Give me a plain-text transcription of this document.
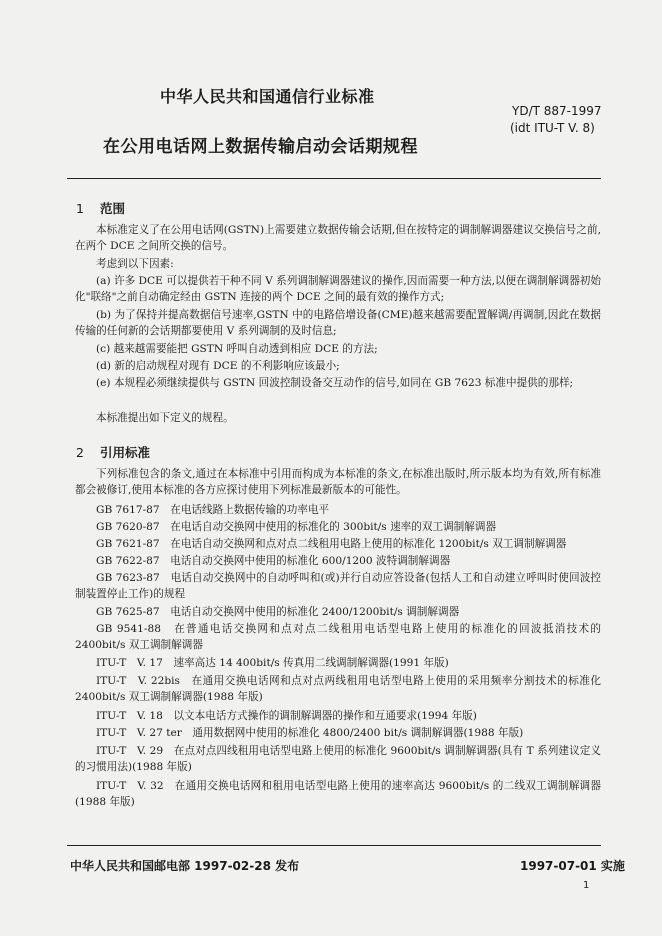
中华人民共和国通信行业标准
YD/T 887-1997
(idt ITU-T V. 8)
在公用电话网上数据传输启动会话期规程
1 范围
本标准定义了在公用电话网(GSTN)上需要建立数据传输会话期,但在按特定的调制解调器建议交换信号之前,在两个 DCE 之间所交换的信号。
考虑到以下因素:
(a) 许多 DCE 可以提供若干种不同 V 系列调制解调器建议的操作,因而需要一种方法,以便在调制解调器初始化"联络"之前自动确定经由 GSTN 连接的两个 DCE 之间的最有效的操作方式;
(b) 为了保持并提高数据信号速率,GSTN 中的电路倍增设备(CME)越来越需要配置解调/再调制,因此在数据传输的任何新的会话期都要使用 V 系列调制的及时信息;
(c) 越来越需要能把 GSTN 呼叫自动透到相应 DCE 的方法;
(d) 新的启动规程对现有 DCE 的不利影响应该最小;
(e) 本规程必须继续提供与 GSTN 回波控制设备交互动作的信号,如同在 GB 7623 标准中提供的那样;
本标准提出如下定义的规程。
2 引用标准
下列标准包含的条文,通过在本标准中引用而构成为本标准的条文,在标准出版时,所示版本均为有效,所有标准都会被修订,使用本标准的各方应探讨使用下列标准最新版本的可能性。
GB 7617-87　在电话线路上数据传输的功率电平
GB 7620-87　在电话自动交换网中使用的标准化的 300bit/s 速率的双工调制解调器
GB 7621-87　在电话自动交换网和点对点二线租用电路上使用的标准化 1200bit/s 双工调制解调器
GB 7622-87　电话自动交换网中使用的标准化 600/1200 波特调制解调器
GB 7623-87　电话自动交换网中的自动呼叫和(或)并行自动应答设备(包括人工和自动建立呼叫时使回波控制装置停止工作)的规程
GB 7625-87　电话自动交换网中使用的标准化 2400/1200bit/s 调制解调器
GB 9541-88　在普通电话交换网和点对点二线租用电话型电路上使用的标准化的回波抵消技术的 2400bit/s 双工调制解调器
ITU-T　V. 17　速率高达 14 400bit/s 传真用二线调制解调器(1991 年版)
ITU-T　V. 22bis　在通用交换电话网和点对点两线租用电话型电路上使用的采用频率分割技术的标准化 2400bit/s 双工调制解调器(1988 年版)
ITU-T　V. 18　以文本电话方式操作的调制解调器的操作和互通要求(1994 年版)
ITU-T　V. 27 ter　通用数据网中使用的标准化 4800/2400 bit/s 调制解调器(1988 年版)
ITU-T　V. 29　在点对点四线租用电话型电路上使用的标准化 9600bit/s 调制解调器(具有 T 系列建议定义的习惯用法)(1988 年版)
ITU-T　V. 32　在通用交换电话网和租用电话型电路上使用的速率高达 9600bit/s 的二线双工调制解调器(1988 年版)
中华人民共和国邮电部 1997-02-28 发布	1997-07-01 实施
1
